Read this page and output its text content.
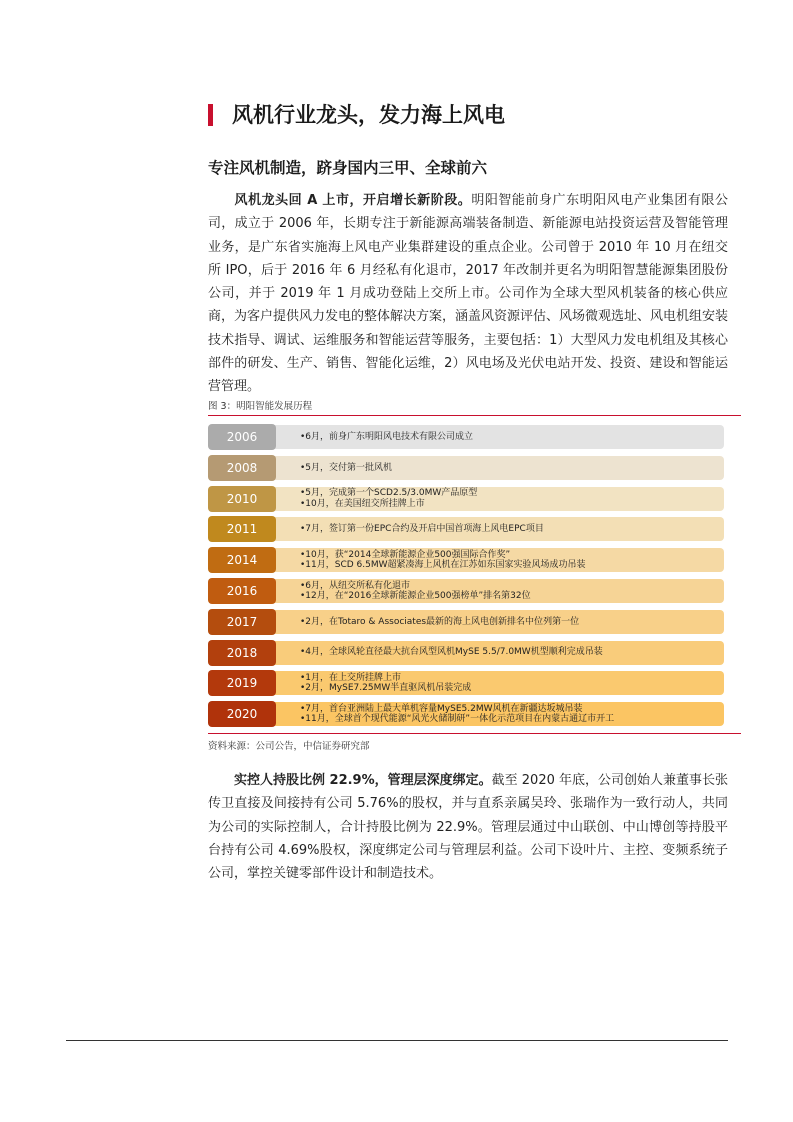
风机行业龙头，发力海上风电
专注风机制造，跻身国内三甲、全球前六

风机龙头回 A 上市，开启增长新阶段。明阳智能前身广东明阳风电产业集团有限公司，成立于 2006 年，长期专注于新能源高端装备制造、新能源电站投资运营及智能管理业务，是广东省实施海上风电产业集群建设的重点企业。公司曾于 2010 年 10 月在纽交所 IPO，后于 2016 年 6 月经私有化退市，2017 年改制并更名为明阳智慧能源集团股份公司，并于 2019 年 1 月成功登陆上交所上市。公司作为全球大型风机装备的核心供应商，为客户提供风力发电的整体解决方案，涵盖风资源评估、风场微观选址、风电机组安装技术指导、调试、运维服务和智能运营等服务，主要包括：1）大型风力发电机组及其核心部件的研发、生产、销售、智能化运维，2）风电场及光伏电站开发、投资、建设和智能运营管理。

图 3：明阳智能发展历程
2006	•6月，前身广东明阳风电技术有限公司成立
2008	•5月，交付第一批风机
2010	•5月，完成第一个SCD2.5/3.0MW产品原型
•10月，在美国纽交所挂牌上市
2011	•7月，签订第一份EPC合约及开启中国首项海上风电EPC项目
2014	•10月，获“2014全球新能源企业500强国际合作奖”
•11月，SCD 6.5MW超紧凑海上风机在江苏如东国家实验风场成功吊装
2016	•6月，从纽交所私有化退市
•12月，在“2016全球新能源企业500强榜单”排名第32位
2017	•2月，在Totaro & Associates最新的海上风电创新排名中位列第一位
2018	•4月，全球风轮直径最大抗台风型风机MySE 5.5/7.0MW机型顺利完成吊装
2019	•1月，在上交所挂牌上市
•2月，MySE7.25MW半直驱风机吊装完成
2020	•7月，首台亚洲陆上最大单机容量MySE5.2MW风机在新疆达坂城吊装
•11月，全球首个现代能源“风光火储制研”一体化示范项目在内蒙古通辽市开工
资料来源：公司公告，中信证券研究部

实控人持股比例 22.9%，管理层深度绑定。截至 2020 年底，公司创始人兼董事长张传卫直接及间接持有公司 5.76%的股权，并与直系亲属吴玲、张瑞作为一致行动人，共同为公司的实际控制人，合计持股比例为 22.9%。管理层通过中山联创、中山博创等持股平台持有公司 4.69%股权，深度绑定公司与管理层利益。公司下设叶片、主控、变频系统子公司，掌控关键零部件设计和制造技术。
